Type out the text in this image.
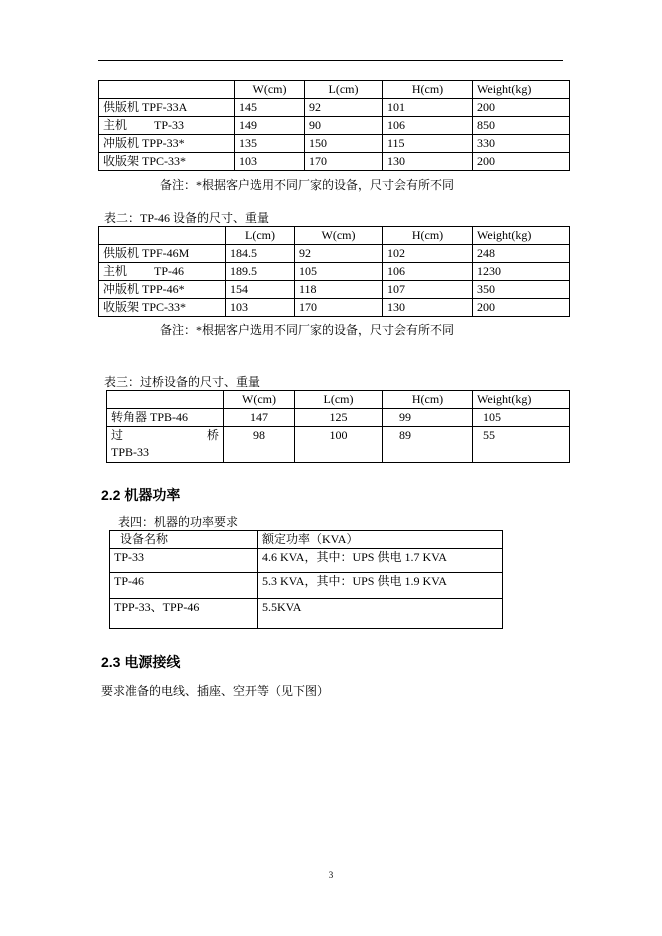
	W(cm)	L(cm)	H(cm)	Weight(kg)
供版机 TPF-33A	145	92	101	200
主机　　 TP-33	149	90	106	850
冲版机 TPP-33*	135	150	115	330
收版架 TPC-33*	103	170	130	200
备注：*根据客户选用不同厂家的设备，尺寸会有所不同
表二：TP-46 设备的尺寸、重量
	L(cm)	W(cm)	H(cm)	Weight(kg)
供版机 TPF-46M	184.5	92	102	248
主机　　 TP-46	189.5	105	106	1230
冲版机 TPP-46*	154	118	107	350
收版架 TPC-33*	103	170	130	200
备注：*根据客户选用不同厂家的设备，尺寸会有所不同
表三：过桥设备的尺寸、重量
	W(cm)	L(cm)	H(cm)	Weight(kg)
转角器 TPB-46	147	125	99	105

过 桥
TPB-33	98	100	89	55
2.2 机器功率
表四：机器的功率要求
设备名称	额定功率（KVA）
TP-33	4.6 KVA，其中：UPS 供电 1.7 KVA
TP-46	5.3 KVA，其中：UPS 供电 1.9 KVA
TPP-33、TPP-46	5.5KVA
2.3 电源接线
要求准备的电线、插座、空开等（见下图）
3
